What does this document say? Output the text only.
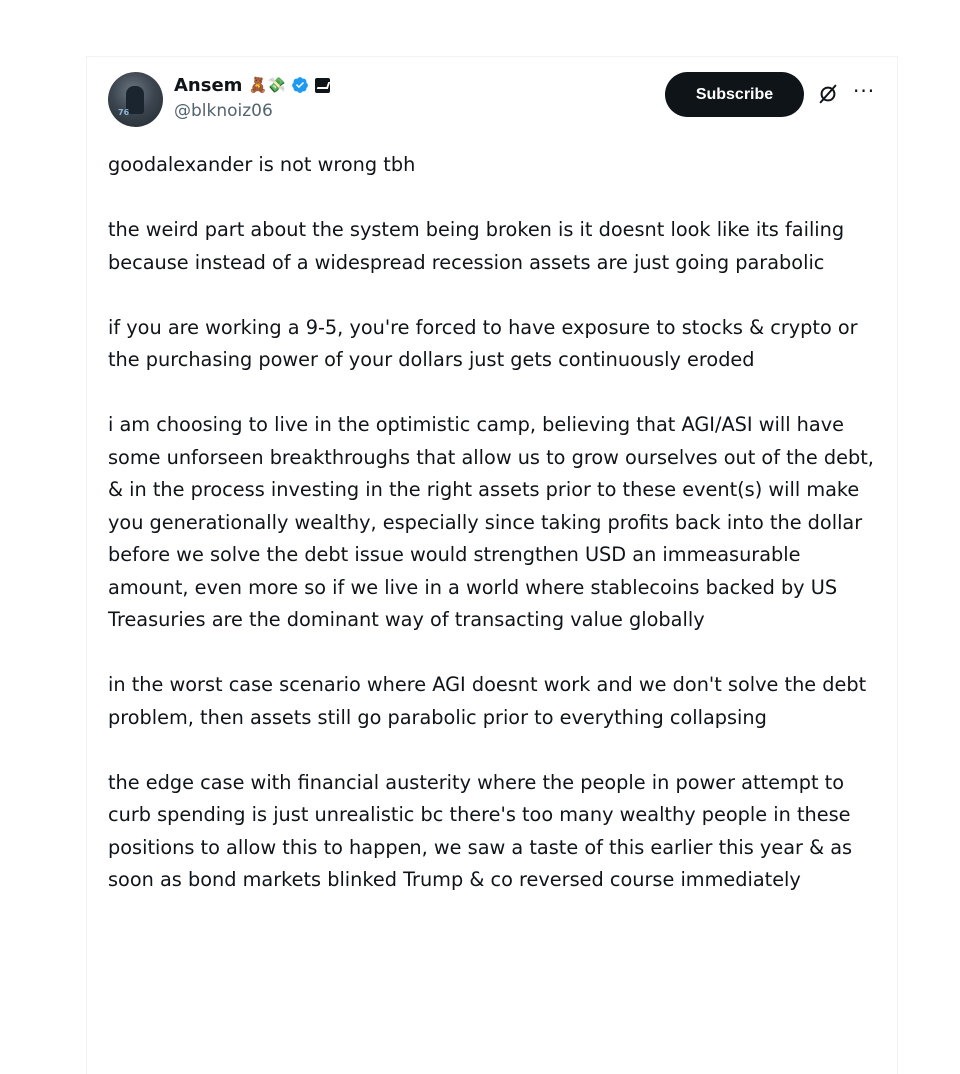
76
Ansem 🧸💸
@blknoiz06
Subscribe	···

goodalexander is not wrong tbh

the weird part about the system being broken is it doesnt look like its failing because instead of a widespread recession assets are just going parabolic

if you are working a 9-5, you're forced to have exposure to stocks & crypto or the purchasing power of your dollars just gets continuously eroded

i am choosing to live in the optimistic camp, believing that AGI/ASI will have some unforseen breakthroughs that allow us to grow ourselves out of the debt, & in the process investing in the right assets prior to these event(s) will make you generationally wealthy, especially since taking profits back into the dollar before we solve the debt issue would strengthen USD an immeasurable amount, even more so if we live in a world where stablecoins backed by US Treasuries are the dominant way of transacting value globally

in the worst case scenario where AGI doesnt work and we don't solve the debt problem, then assets still go parabolic prior to everything collapsing

the edge case with financial austerity where the people in power attempt to curb spending is just unrealistic bc there's too many wealthy people in these positions to allow this to happen, we saw a taste of this earlier this year & as soon as bond markets blinked Trump & co reversed course immediately
